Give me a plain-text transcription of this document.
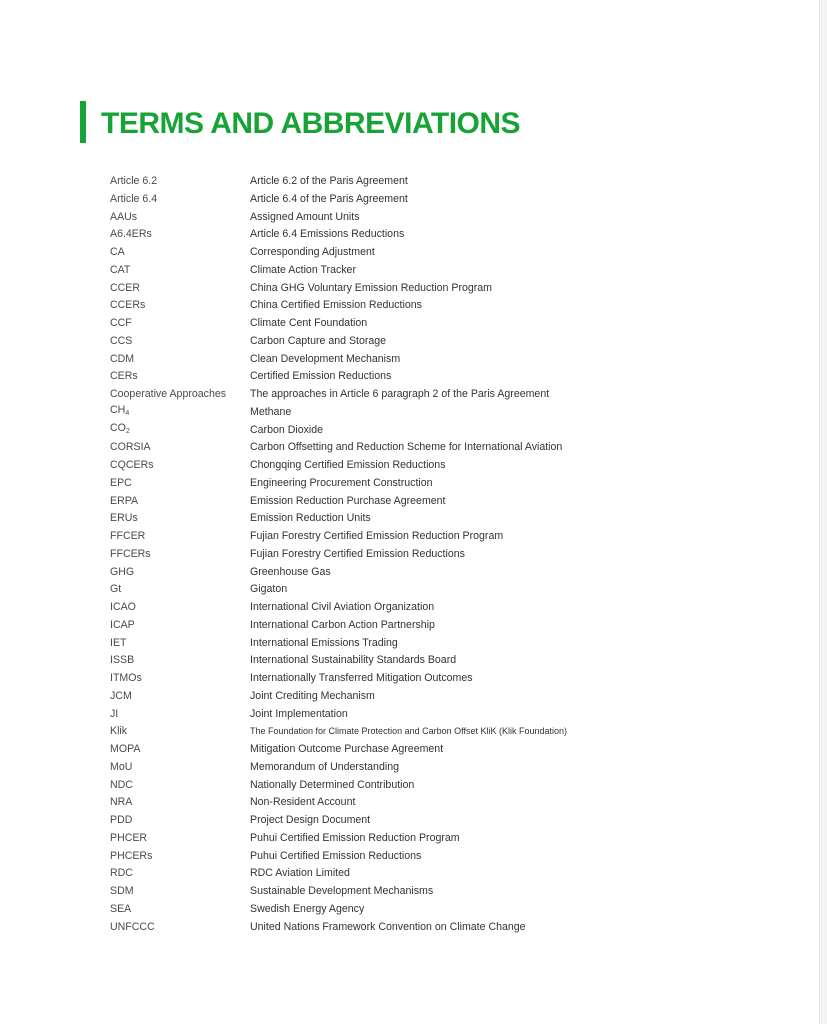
TERMS AND ABBREVIATIONS
Article 6.2	Article 6.2 of the Paris Agreement
Article 6.4	Article 6.4 of the Paris Agreement
AAUs	Assigned Amount Units
A6.4ERs	Article 6.4 Emissions Reductions
CA	Corresponding Adjustment
CAT	Climate Action Tracker
CCER	China GHG Voluntary Emission Reduction Program
CCERs	China Certified Emission Reductions
CCF	Climate Cent Foundation
CCS	Carbon Capture and Storage
CDM	Clean Development Mechanism
CERs	Certified Emission Reductions
Cooperative Approaches	The approaches in Article 6 paragraph 2 of the Paris Agreement
$CH_4$	Methane
$CO_2$	Carbon Dioxide
CORSIA	Carbon Offsetting and Reduction Scheme for International Aviation
CQCERs	Chongqing Certified Emission Reductions
EPC	Engineering Procurement Construction
ERPA	Emission Reduction Purchase Agreement
ERUs	Emission Reduction Units
FFCER	Fujian Forestry Certified Emission Reduction Program
FFCERs	Fujian Forestry Certified Emission Reductions
GHG	Greenhouse Gas
Gt	Gigaton
ICAO	International Civil Aviation Organization
ICAP	International Carbon Action Partnership
IET	International Emissions Trading
ISSB	International Sustainability Standards Board
ITMOs	Internationally Transferred Mitigation Outcomes
JCM	Joint Crediting Mechanism
JI	Joint Implementation
Klik	The Foundation for Climate Protection and Carbon Offset KliK (Klik Foundation)
MOPA	Mitigation Outcome Purchase Agreement
MoU	Memorandum of Understanding
NDC	Nationally Determined Contribution
NRA	Non-Resident Account
PDD	Project Design Document
PHCER	Puhui Certified Emission Reduction Program
PHCERs	Puhui Certified Emission Reductions
RDC	RDC Aviation Limited
SDM	Sustainable Development Mechanisms
SEA	Swedish Energy Agency
UNFCCC	United Nations Framework Convention on Climate Change
